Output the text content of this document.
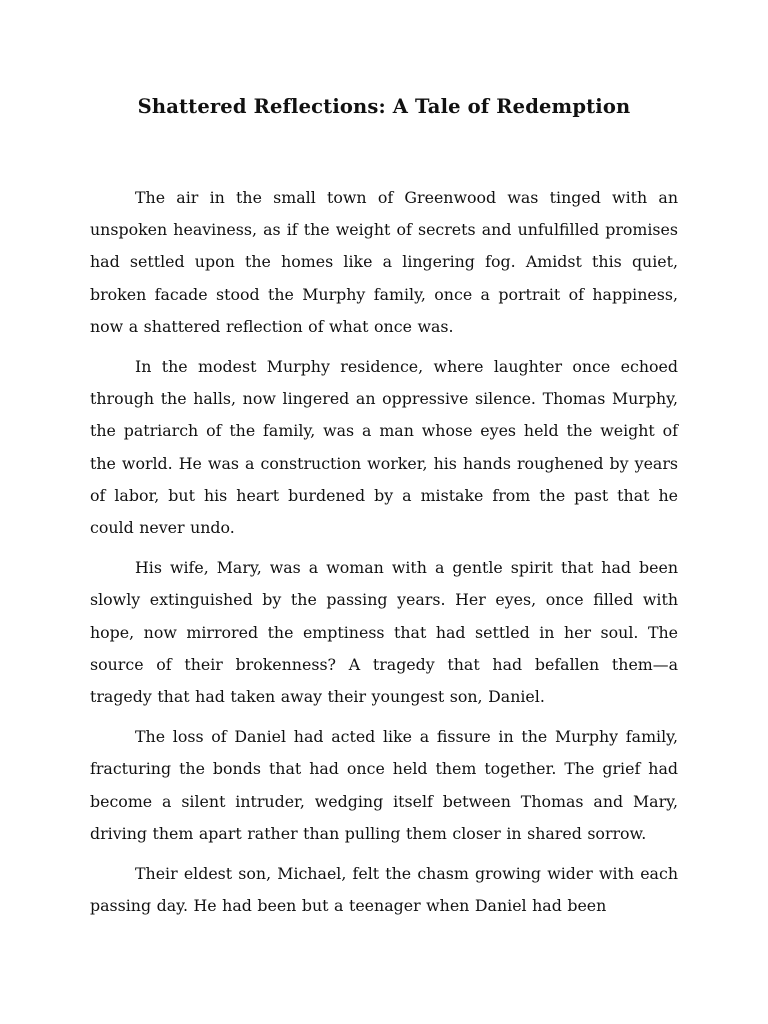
Shattered Reflections: A Tale of Redemption

The air in the small town of Greenwood was tinged with an unspoken heaviness, as if the weight of secrets and unfulfilled promises had settled upon the homes like a lingering fog. Amidst this quiet, broken facade stood the Murphy family, once a portrait of happiness, now a shattered reflection of what once was.

In the modest Murphy residence, where laughter once echoed through the halls, now lingered an oppressive silence. Thomas Murphy, the patriarch of the family, was a man whose eyes held the weight of the world. He was a construction worker, his hands roughened by years of labor, but his heart burdened by a mistake from the past that he could never undo.

His wife, Mary, was a woman with a gentle spirit that had been slowly extinguished by the passing years. Her eyes, once filled with hope, now mirrored the emptiness that had settled in her soul. The source of their brokenness? A tragedy that had befallen them—a tragedy that had taken away their youngest son, Daniel.

The loss of Daniel had acted like a fissure in the Murphy family, fracturing the bonds that had once held them together. The grief had become a silent intruder, wedging itself between Thomas and Mary, driving them apart rather than pulling them closer in shared sorrow.

Their eldest son, Michael, felt the chasm growing wider with each passing day. He had been but a teenager when Daniel had been
